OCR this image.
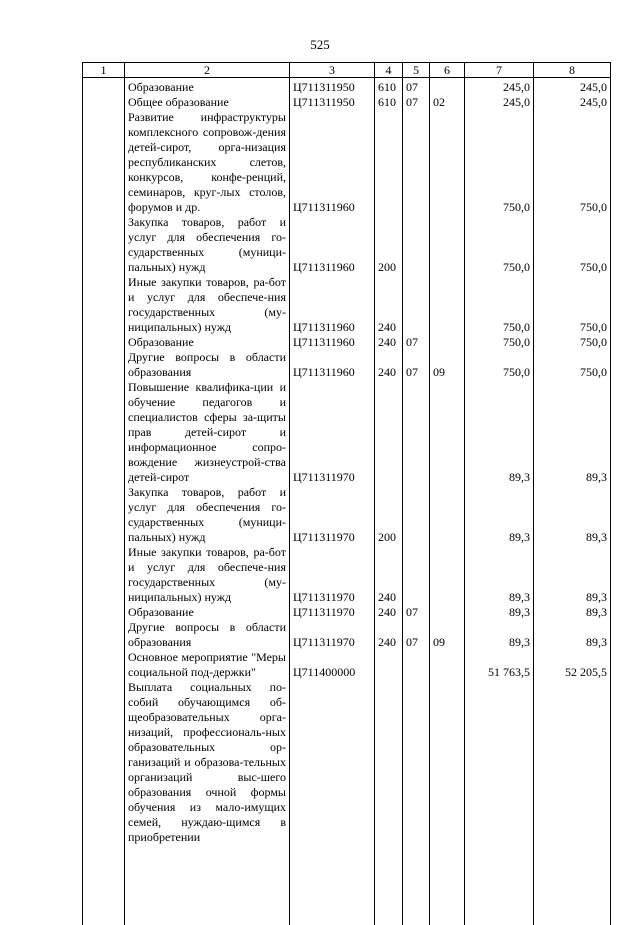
525
1	2	3	4	5	6	7	8
	Образование	Ц711311950	610	07		245,0	245,0
	Общее образование	Ц711311950	610	07	02	245,0	245,0
	Развитие инфраструктуры комплексного сопровож-дения детей-сирот, орга-низация республиканских слетов, конкурсов, конфе-ренций, семинаров, круг-лых столов, форумов и др.	Ц711311960				750,0	750,0
	Закупка товаров, работ и услуг для обеспечения го-сударственных (муници-пальных) нужд	Ц711311960	200			750,0	750,0
	Иные закупки товаров, ра-бот и услуг для обеспече-ния государственных (му-ниципальных) нужд	Ц711311960	240			750,0	750,0
	Образование	Ц711311960	240	07		750,0	750,0
	Другие вопросы в области образования	Ц711311960	240	07	09	750,0	750,0
	Повышение квалифика-ции и обучение педагогов и специалистов сферы за-щиты прав детей-сирот и информационное сопро-вождение жизнеустрой-ства детей-сирот	Ц711311970				89,3	89,3
	Закупка товаров, работ и услуг для обеспечения го-сударственных (муници-пальных) нужд	Ц711311970	200			89,3	89,3
	Иные закупки товаров, ра-бот и услуг для обеспече-ния государственных (му-ниципальных) нужд	Ц711311970	240			89,3	89,3
	Образование	Ц711311970	240	07		89,3	89,3
	Другие вопросы в области образования	Ц711311970	240	07	09	89,3	89,3
	Основное мероприятие "Меры социальной под-держки"	Ц711400000				51 763,5	52 205,5
	Выплата социальных по-собий обучающимся об-щеобразовательных орга-низаций, профессиональ-ных образовательных ор-ганизаций и образова-тельных организаций выс-шего образования очной формы обучения из мало-имущих семей, нуждаю-щимся в приобретении						
